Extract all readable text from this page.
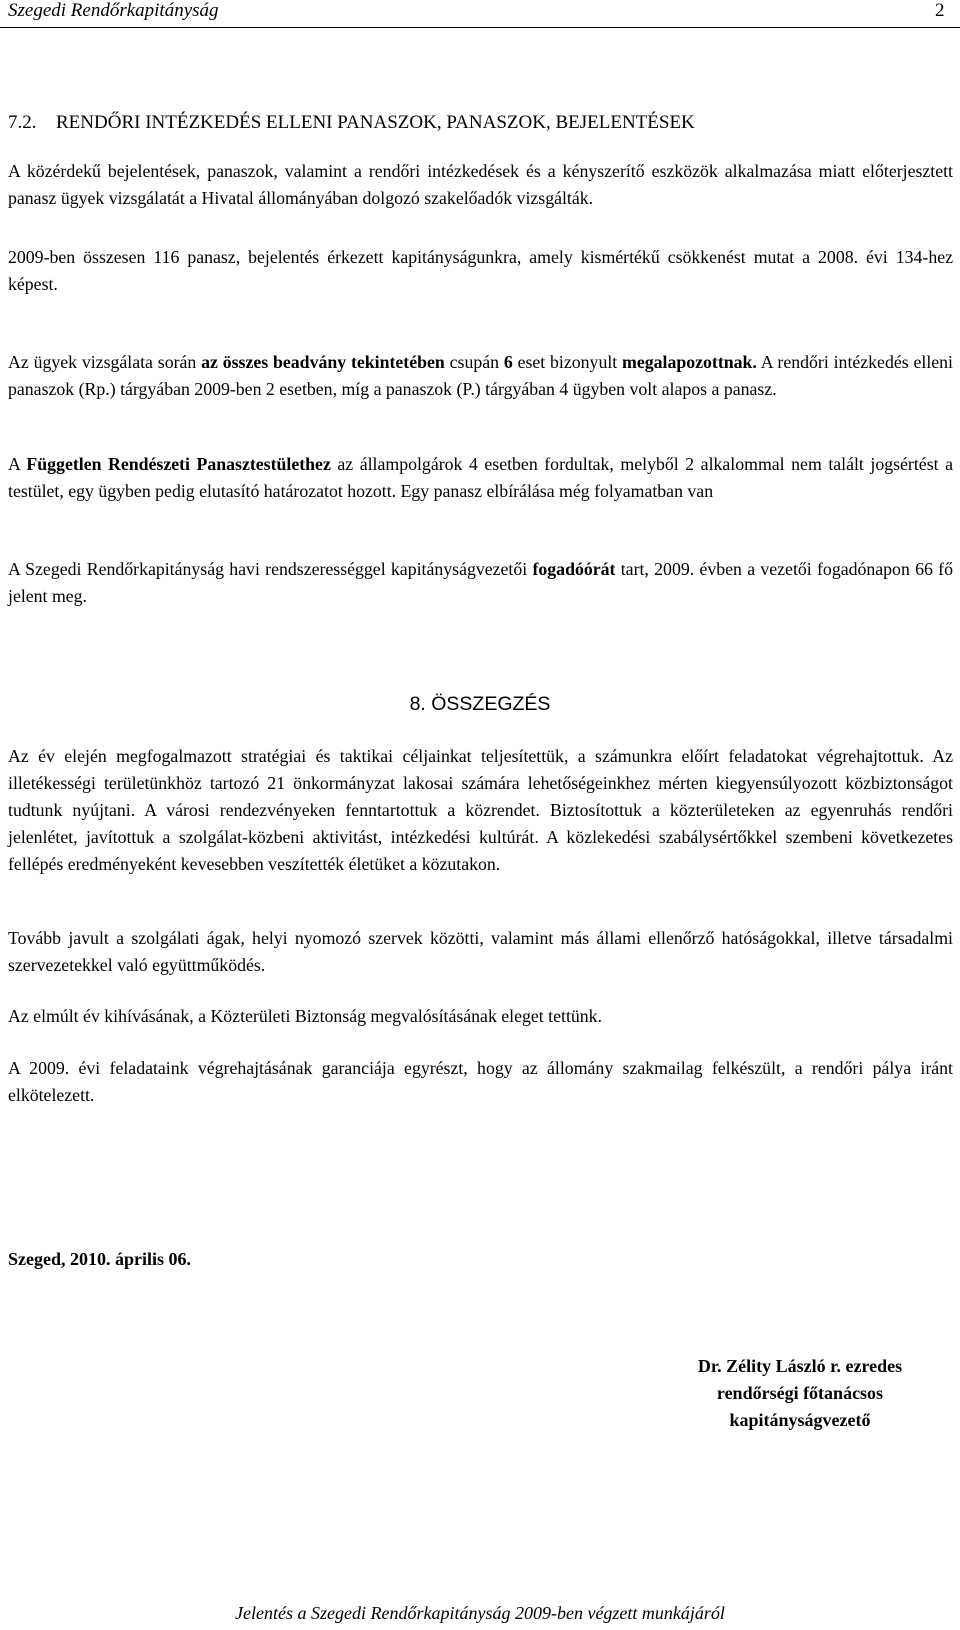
Szegedi Rendőrkapitányság	2
7.2. RENDŐRI INTÉZKEDÉS ELLENI PANASZOK, PANASZOK, BEJELENTÉSEK
A közérdekű bejelentések, panaszok, valamint a rendőri intézkedések és a kényszerítő eszközök alkalmazása miatt előterjesztett panasz ügyek vizsgálatát a Hivatal állományában dolgozó szakelőadók vizsgálták.
2009-ben összesen 116 panasz, bejelentés érkezett kapitányságunkra, amely kismértékű csökkenést mutat a 2008. évi 134-hez képest.
Az ügyek vizsgálata során az összes beadvány tekintetében csupán 6 eset bizonyult megalapozottnak. A rendőri intézkedés elleni panaszok (Rp.) tárgyában 2009-ben 2 esetben, míg a panaszok (P.) tárgyában 4 ügyben volt alapos a panasz.
A Független Rendészeti Panasztestülethez az állampolgárok 4 esetben fordultak, melyből 2 alkalommal nem talált jogsértést a testület, egy ügyben pedig elutasító határozatot hozott. Egy panasz elbírálása még folyamatban van
A Szegedi Rendőrkapitányság havi rendszerességgel kapitányságvezetői fogadóórát tart, 2009. évben a vezetői fogadónapon 66 fő jelent meg.
8. ÖSSZEGZÉS
Az év elején megfogalmazott stratégiai és taktikai céljainkat teljesítettük, a számunkra előírt feladatokat végrehajtottuk. Az illetékességi területünkhöz tartozó 21 önkormányzat lakosai számára lehetőségeinkhez mérten kiegyensúlyozott közbiztonságot tudtunk nyújtani. A városi rendezvényeken fenntartottuk a közrendet. Biztosítottuk a közterületeken az egyenruhás rendőri jelenlétet, javítottuk a szolgálat-közbeni aktivitást, intézkedési kultúrát. A közlekedési szabálysértőkkel szembeni következetes fellépés eredményeként kevesebben veszítették életüket a közutakon.
Tovább javult a szolgálati ágak, helyi nyomozó szervek közötti, valamint más állami ellenőrző hatóságokkal, illetve társadalmi szervezetekkel való együttműködés.
Az elmúlt év kihívásának, a Közterületi Biztonság megvalósításának eleget tettünk.
A 2009. évi feladataink végrehajtásának garanciája egyrészt, hogy az állomány szakmailag felkészült, a rendőri pálya iránt elkötelezett.
Szeged, 2010. április 06.
Dr. Zélity László r. ezredes
rendőrségi főtanácsos
kapitányságvezető
Jelentés a Szegedi Rendőrkapitányság 2009-ben végzett munkájáról
